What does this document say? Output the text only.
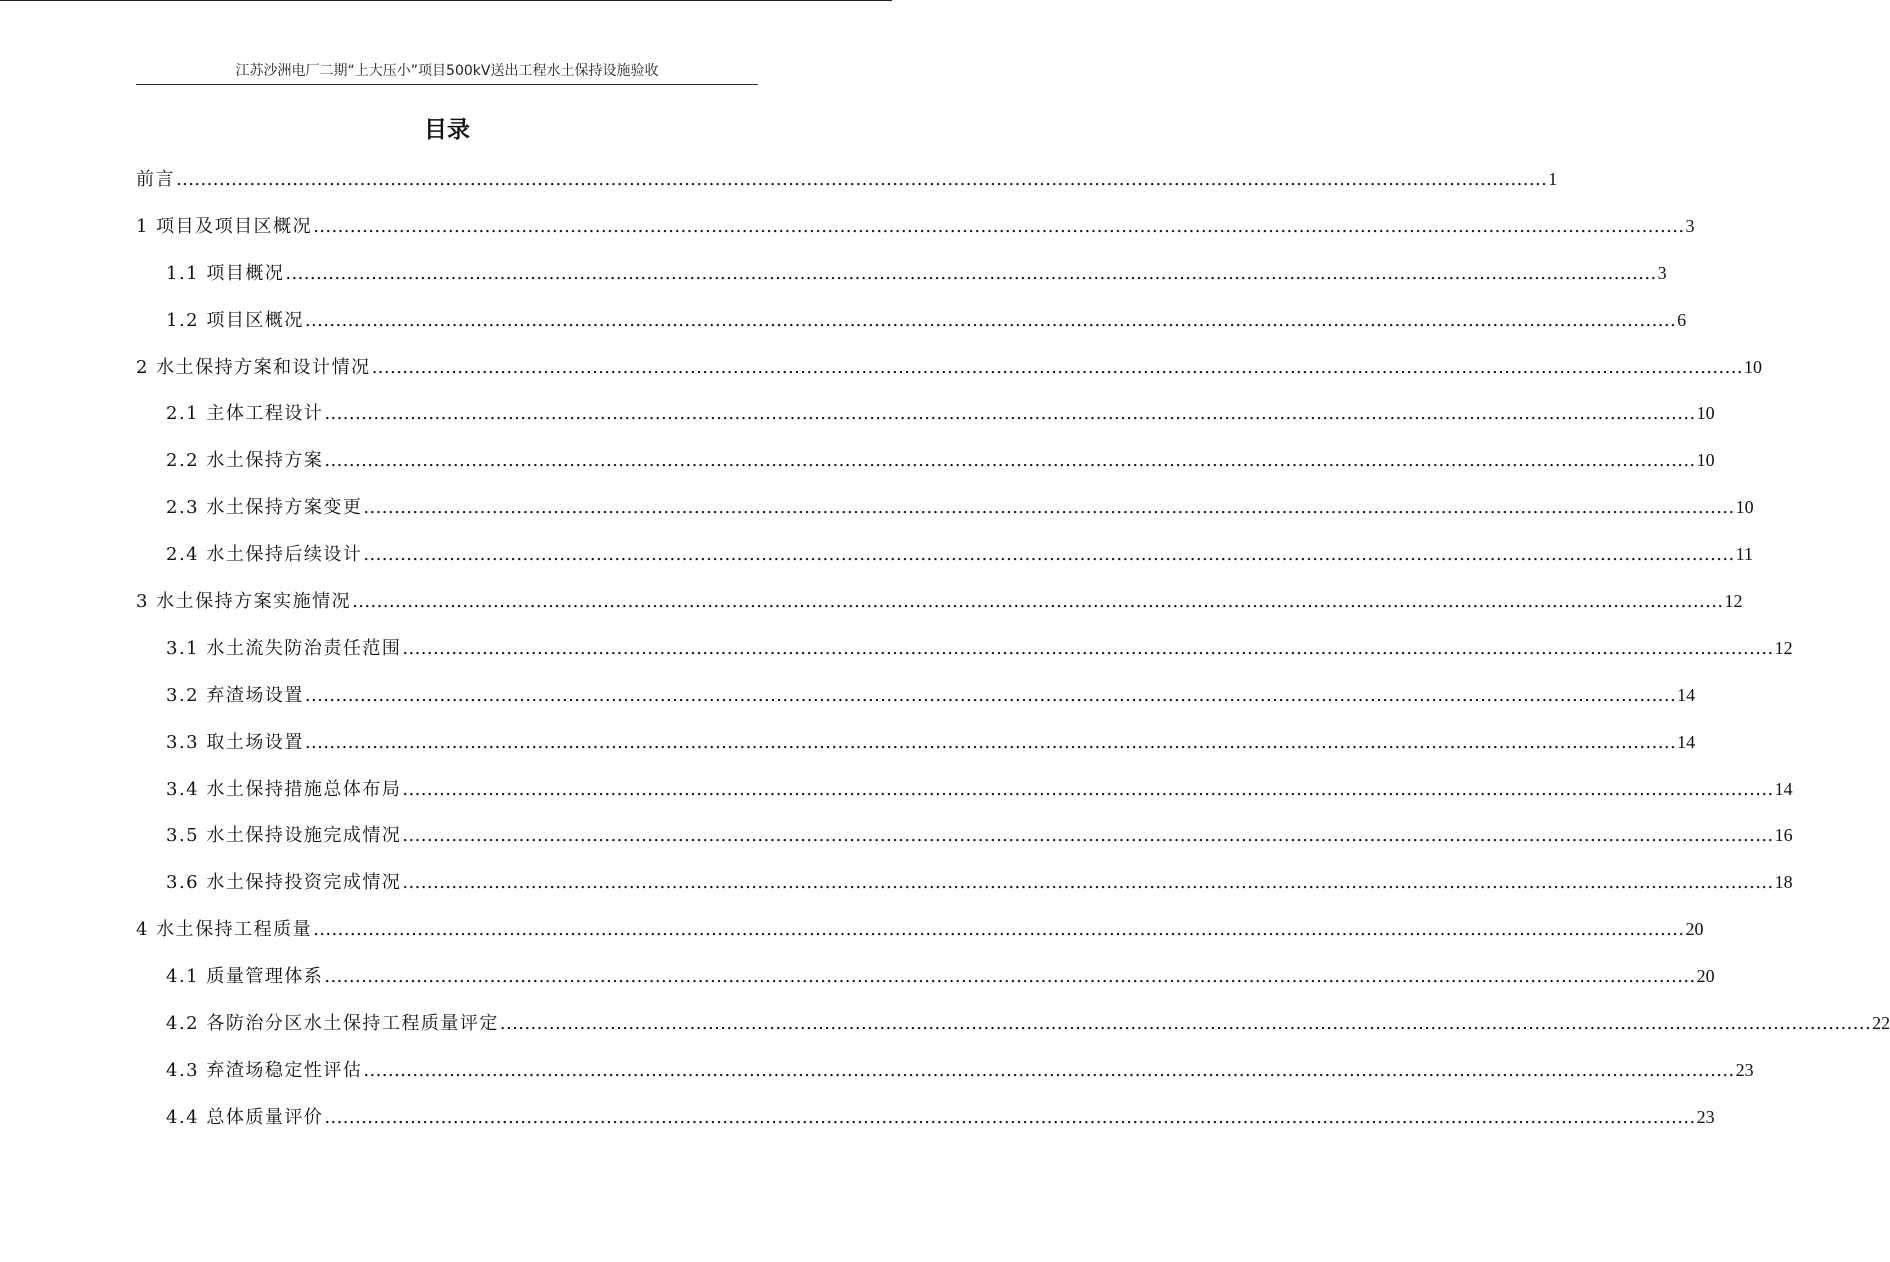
江苏沙洲电厂二期“上大压小”项目500kV送出工程水土保持设施验收
目录
前言 ................................................................................................................................................................................................................................ 1
1 项目及项目区概况 ................................................................................................................................................................................................................................ 3
1.1 项目概况 ................................................................................................................................................................................................................................ 3
1.2 项目区概况 ................................................................................................................................................................................................................................ 6
2 水土保持方案和设计情况 ................................................................................................................................................................................................................................ 10
2.1 主体工程设计 ................................................................................................................................................................................................................................ 10
2.2 水土保持方案 ................................................................................................................................................................................................................................ 10
2.3 水土保持方案变更 ................................................................................................................................................................................................................................ 10
2.4 水土保持后续设计 ................................................................................................................................................................................................................................ 11
3 水土保持方案实施情况 ................................................................................................................................................................................................................................ 12
3.1 水土流失防治责任范围 ................................................................................................................................................................................................................................ 12
3.2 弃渣场设置 ................................................................................................................................................................................................................................ 14
3.3 取土场设置 ................................................................................................................................................................................................................................ 14
3.4 水土保持措施总体布局 ................................................................................................................................................................................................................................ 14
3.5 水土保持设施完成情况 ................................................................................................................................................................................................................................ 16
3.6 水土保持投资完成情况 ................................................................................................................................................................................................................................ 18
4 水土保持工程质量 ................................................................................................................................................................................................................................ 20
4.1 质量管理体系 ................................................................................................................................................................................................................................ 20
4.2 各防治分区水土保持工程质量评定 ................................................................................................................................................................................................................................ 22
4.3 弃渣场稳定性评估 ................................................................................................................................................................................................................................ 23
4.4 总体质量评价 ................................................................................................................................................................................................................................ 23
